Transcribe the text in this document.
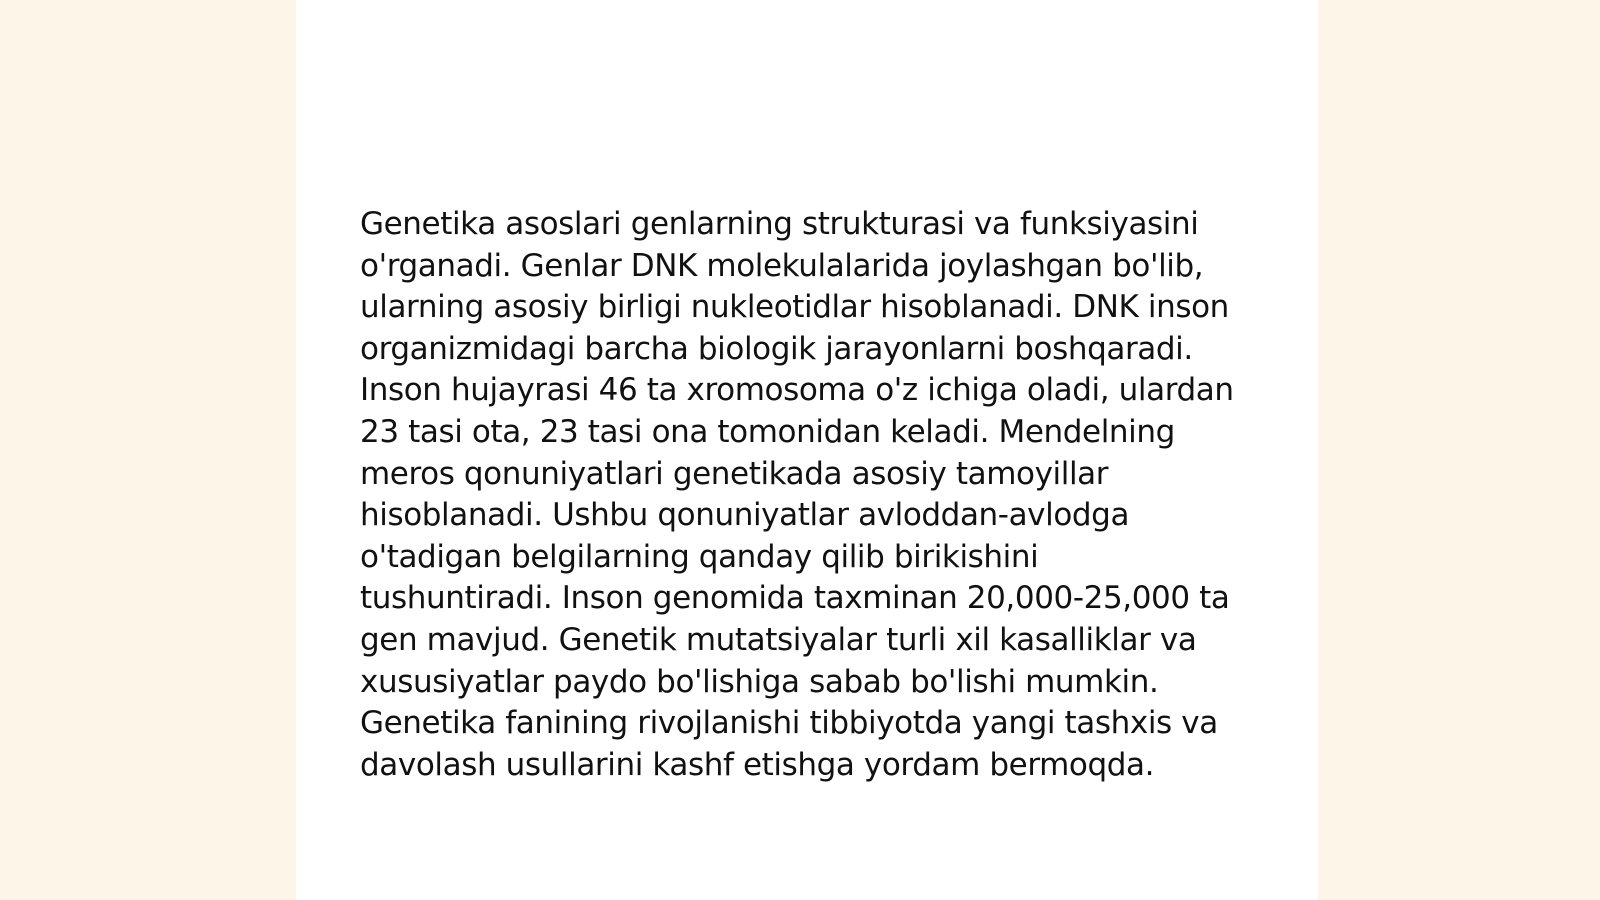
Genetika asoslari genlarning strukturasi va funksiyasini o'rganadi. Genlar DNK molekulalarida joylashgan bo'lib, ularning asosiy birligi nukleotidlar hisoblanadi. DNK inson organizmidagi barcha biologik jarayonlarni boshqaradi. Inson hujayrasi 46 ta xromosoma o'z ichiga oladi, ulardan 23 tasi ota, 23 tasi ona tomonidan keladi. Mendelning meros qonuniyatlari genetikada asosiy tamoyillar hisoblanadi. Ushbu qonuniyatlar avloddan-avlodga o'tadigan belgilarning qanday qilib birikishini tushuntiradi. Inson genomida taxminan 20,000-25,000 ta gen mavjud. Genetik mutatsiyalar turli xil kasalliklar va xususiyatlar paydo bo'lishiga sabab bo'lishi mumkin. Genetika fanining rivojlanishi tibbiyotda yangi tashxis va davolash usullarini kashf etishga yordam bermoqda.
